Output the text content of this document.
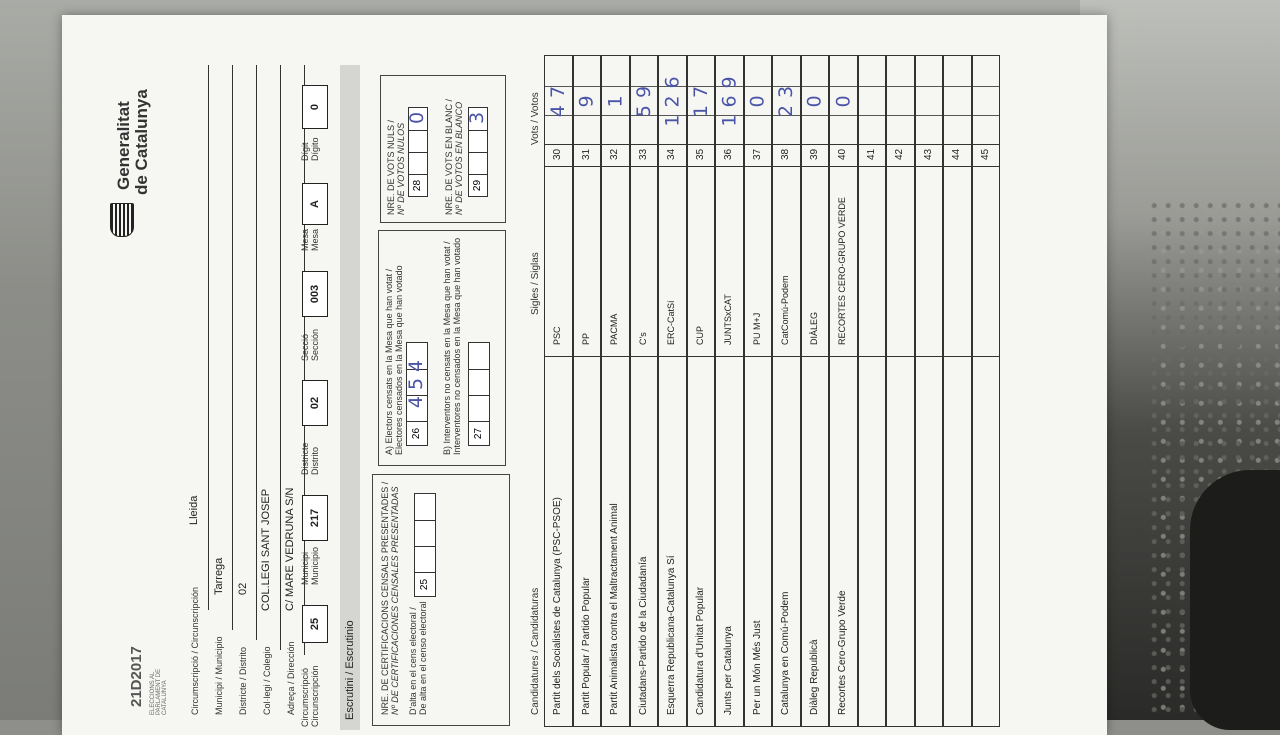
Generalitat de Catalunya
21D2017 ELECCIONS AL PARLAMENT DE CATALUNYA Circumscripció / Circunscripción
Lleida
Municipi / Municipio
Tarrega
Districte / Distrito
02
Col·legi / Colegio
COL.LEGI SANT JOSEP
Adreça / Dirección
C/ MARE VEDRUNA S/N
Circumscripció Circunscripción
25
Municipi Municipio
217
Districte Distrito
02
Secció Sección
003
Mesa Mesa
A
Dígit Dígito
0
Escrutini / Escrutinio	NRE. DE CERTIFICACIONS CENSALS PRESENTADES / Nº DE CERTIFICACIONES CENSALES PRESENTADAS D'alta en el cens electoral / De alta en el censo electoral
25
A) Electors censats en la Mesa que han votat / Electores censados en la Mesa que han votado 26
454 B) Interventors no censats en la Mesa que han votat / Interventores no censados en la Mesa que han votado 27
NRE. DE VOTS NULS / Nº DE VOTOS NULOS 28
0 NRE. DE VOTS EN BLANC / Nº DE VOTOS EN BLANCO 29
3
Candidatures / Candidaturas
Sigles / Siglas
Vots / Votos
Partit dels Socialistes de Catalunya (PSC-PSOE)
PSC
30
47
Partit Popular / Partido Popular
PP
31
9
Partit Animalista contra el Maltractament Animal
PACMA
32
1
Ciutadans-Partido de la Ciudadanía
C's
33
59
Esquerra Republicana-Catalunya Sí
ERC-CatSí
34
126
Candidatura d'Unitat Popular
CUP
35
17
Junts per Catalunya
JUNTSxCAT
36
169
Per un Món Més Just
PU M+J
37
0
Catalunya en Comú-Podem
CatComú-Podem
38
23
Diàleg Republicà
DIÀLEG
39
0
Recortes Cero-Grupo Verde
RECORTES CERO-GRUPO VERDE
40
0
41 42 43 44 45
